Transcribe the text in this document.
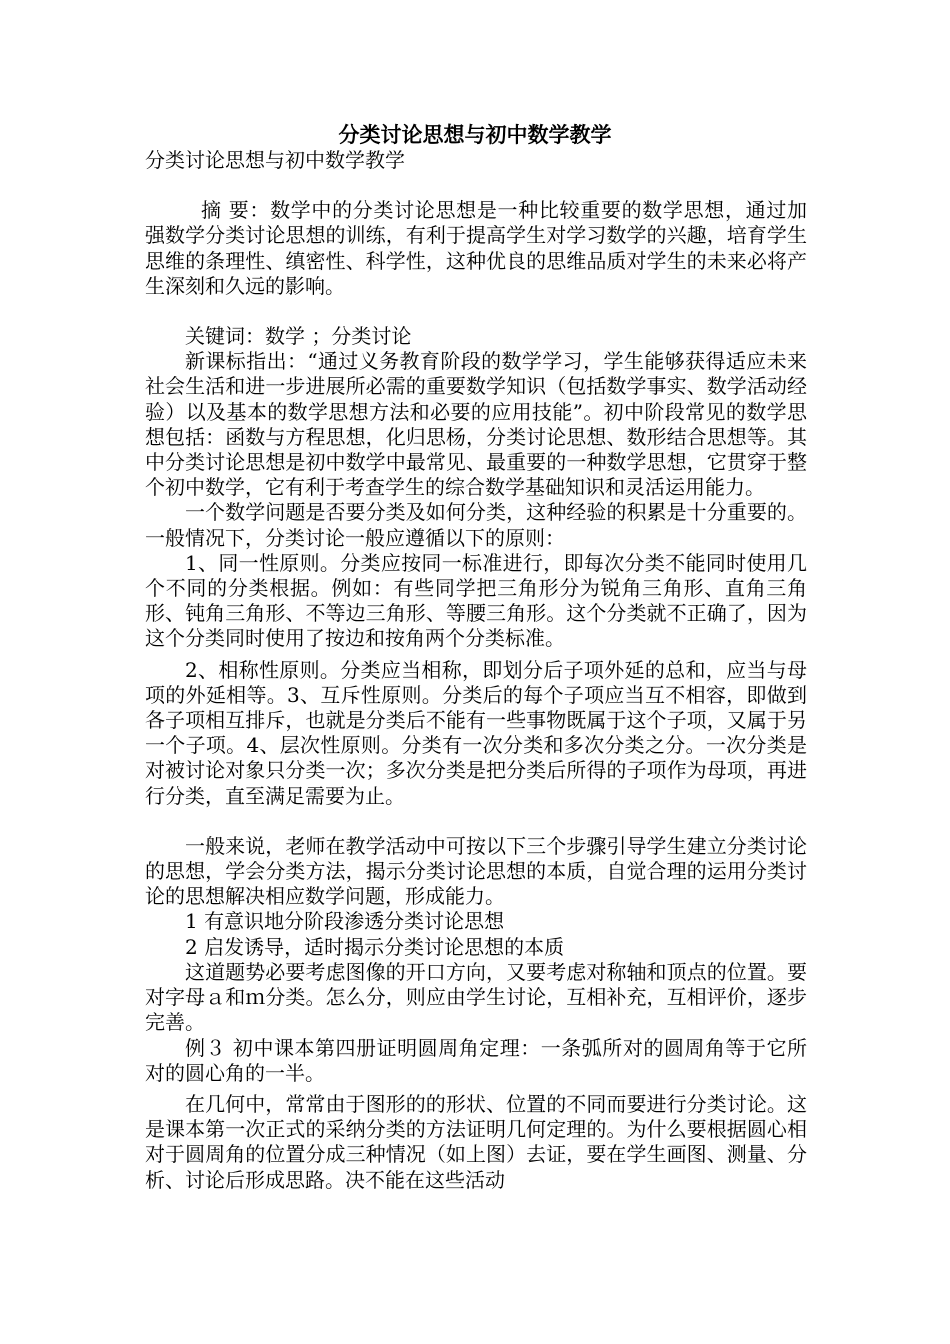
分类讨论思想与初中数学教学

分类讨论思想与初中数学教学

摘 要：数学中的分类讨论思想是一种比较重要的数学思想，通过加强数学分类讨论思想的训练，有利于提高学生对学习数学的兴趣，培育学生思维的条理性、缜密性、科学性，这种优良的思维品质对学生的未来必将产生深刻和久远的影响。

关键词：数学 ；分类讨论

新课标指出：“通过义务教育阶段的数学学习，学生能够获得适应未来社会生活和进一步进展所必需的重要数学知识（包括数学事实、数学活动经验）以及基本的数学思想方法和必要的应用技能”。初中阶段常见的数学思想包括：函数与方程思想，化归思杨，分类讨论思想、数形结合思想等。其中分类讨论思想是初中数学中最常见、最重要的一种数学思想，它贯穿于整个初中数学，它有利于考查学生的综合数学基础知识和灵活运用能力。

一个数学问题是否要分类及如何分类，这种经验的积累是十分重要的。一般情况下，分类讨论一般应遵循以下的原则：

1、同一性原则。分类应按同一标准进行，即每次分类不能同时使用几个不同的分类根据。例如：有些同学把三角形分为锐角三角形、直角三角形、钝角三角形、不等边三角形、等腰三角形。这个分类就不正确了，因为这个分类同时使用了按边和按角两个分类标准。

2、相称性原则。分类应当相称，即划分后子项外延的总和，应当与母项的外延相等。3、互斥性原则。分类后的每个子项应当互不相容，即做到各子项相互排斥，也就是分类后不能有一些事物既属于这个子项，又属于另一个子项。4、层次性原则。分类有一次分类和多次分类之分。一次分类是对被讨论对象只分类一次；多次分类是把分类后所得的子项作为母项，再进行分类，直至满足需要为止。

一般来说，老师在教学活动中可按以下三个步骤引导学生建立分类讨论的思想，学会分类方法，揭示分类讨论思想的本质，自觉合理的运用分类讨论的思想解决相应数学问题，形成能力。

1 有意识地分阶段渗透分类讨论思想

2 启发诱导，适时揭示分类讨论思想的本质

这道题势必要考虑图像的开口方向，又要考虑对称轴和顶点的位置。要对字母ａ和ｍ分类。怎么分，则应由学生讨论，互相补充，互相评价，逐步完善。

例３ 初中课本第四册证明圆周角定理：一条弧所对的圆周角等于它所对的圆心角的一半。

在几何中，常常由于图形的的形状、位置的不同而要进行分类讨论。这是课本第一次正式的采纳分类的方法证明几何定理的。为什么要根据圆心相对于圆周角的位置分成三种情况（如上图）去证，要在学生画图、测量、分析、讨论后形成思路。决不能在这些活动
